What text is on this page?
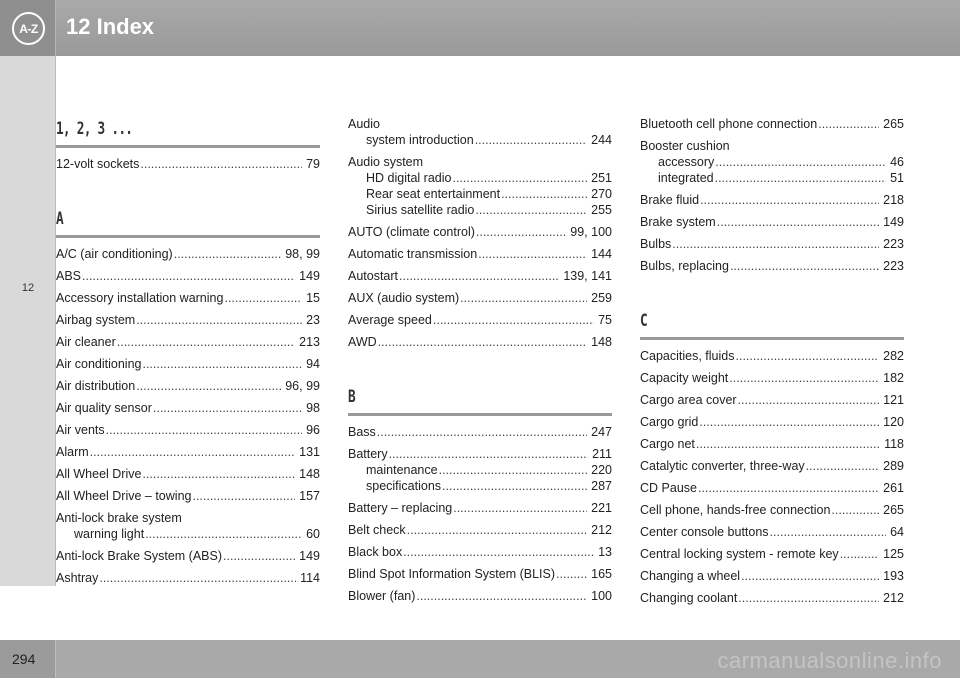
A-Z	12 Index
12
1, 2, 3 ...
12-volt sockets .....	79
A
A/C (air conditioning) .....	98, 99
ABS .....	149
Accessory installation warning .....	15
Airbag system .....	23
Air cleaner .....	213
Air conditioning .....	94
Air distribution .....	96, 99
Air quality sensor .....	98
Air vents .....	96
Alarm .....	131
All Wheel Drive .....	148
All Wheel Drive – towing .....	157
Anti-lock brake system
warning light .....	60
Anti-lock Brake System (ABS) .....	149
Ashtray .....	114
Audio
system introduction .....	244
Audio system
HD digital radio .....	251
Rear seat entertainment .....	270
Sirius satellite radio .....	255
AUTO (climate control) .....	99, 100
Automatic transmission .....	144
Autostart .....	139, 141
AUX (audio system) .....	259
Average speed .....	75
AWD .....	148
B
Bass .....	247
Battery .....	211
maintenance .....	220
specifications .....	287
Battery – replacing .....	221
Belt check .....	212
Black box .....	13
Blind Spot Information System (BLIS) .....	165
Blower (fan) .....	100
Bluetooth cell phone connection .....	265
Booster cushion
accessory .....	46
integrated .....	51
Brake fluid .....	218
Brake system .....	149
Bulbs .....	223
Bulbs, replacing .....	223
C
Capacities, fluids .....	282
Capacity weight .....	182
Cargo area cover .....	121
Cargo grid .....	120
Cargo net .....	118
Catalytic converter, three-way .....	289
CD Pause .....	261
Cell phone, hands-free connection .....	265
Center console buttons .....	64
Central locking system - remote key .....	125
Changing a wheel .....	193
Changing coolant .....	212
294	carmanualsonline.info
